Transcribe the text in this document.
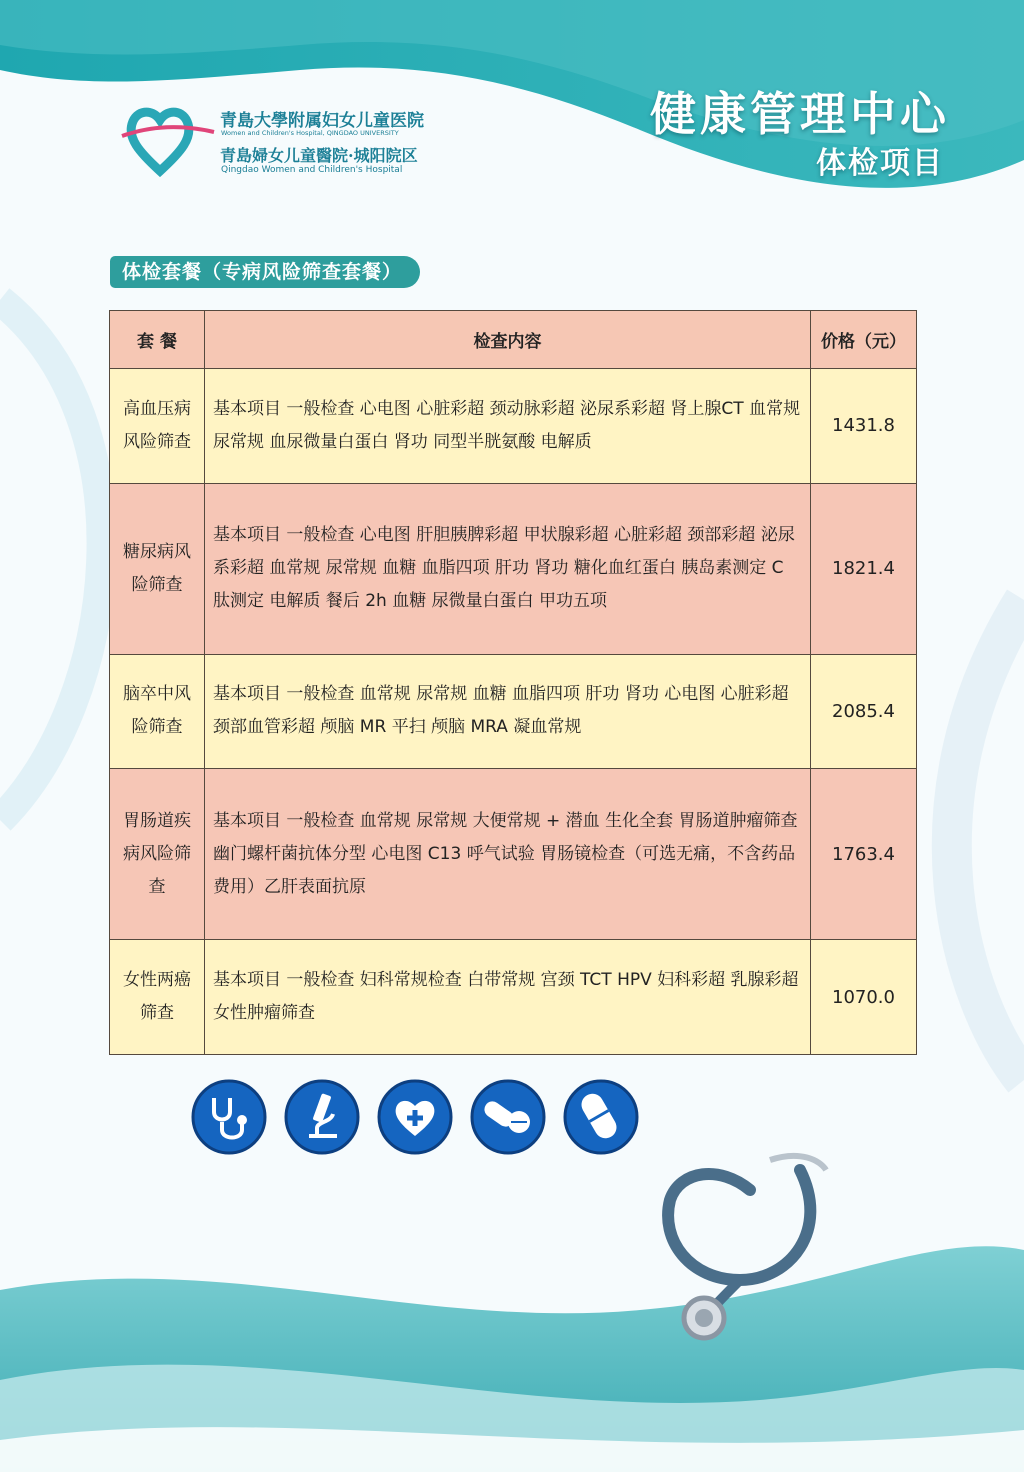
青島大學附属妇女儿童医院
Women and Children's Hospital, QINGDAO UNIVERSITY
青島婦女儿童醫院·城阳院区
Qingdao Women and Children's Hospital
健康管理中心
体检项目
体检套餐（专病风险筛查套餐）
套 餐	检查内容	价格（元）
高血压病风险筛查	基本项目 一般检查 心电图 心脏彩超 颈动脉彩超 泌尿系彩超 肾上腺CT 血常规 尿常规 血尿微量白蛋白 肾功 同型半胱氨酸 电解质	1431.8
糖尿病风险筛查	基本项目 一般检查 心电图 肝胆胰脾彩超 甲状腺彩超 心脏彩超 颈部彩超 泌尿系彩超 血常规 尿常规 血糖 血脂四项 肝功 肾功 糖化血红蛋白 胰岛素测定 C 肽测定 电解质 餐后 2h 血糖 尿微量白蛋白 甲功五项	1821.4
脑卒中风险筛查	基本项目 一般检查 血常规 尿常规 血糖 血脂四项 肝功 肾功 心电图 心脏彩超 颈部血管彩超 颅脑 MR 平扫 颅脑 MRA 凝血常规	2085.4
胃肠道疾病风险筛查	基本项目 一般检查 血常规 尿常规 大便常规 + 潜血 生化全套 胃肠道肿瘤筛查 幽门螺杆菌抗体分型 心电图 C13 呼气试验 胃肠镜检查（可选无痛，不含药品费用）乙肝表面抗原	1763.4
女性两癌筛查	基本项目 一般检查 妇科常规检查 白带常规 宫颈 TCT HPV 妇科彩超 乳腺彩超 女性肿瘤筛查	1070.0
